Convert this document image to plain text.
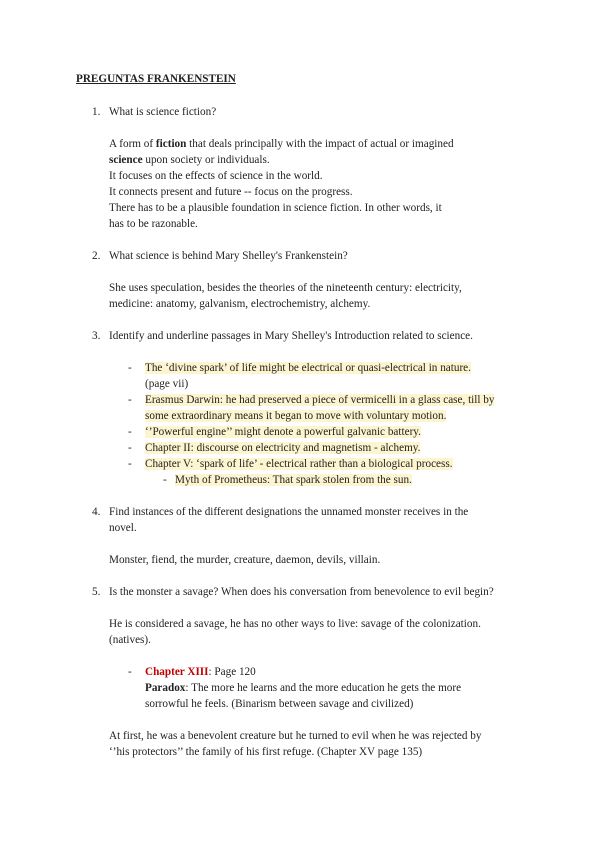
PREGUNTAS FRANKENSTEIN
1. What is science fiction?
A form of fiction that deals principally with the impact of actual or imagined
science upon society or individuals.
It focuses on the effects of science in the world.
It connects present and future -- focus on the progress.
There has to be a plausible foundation in science fiction. In other words, it
has to be razonable.
2. What science is behind Mary Shelley's Frankenstein?
She uses speculation, besides the theories of the nineteenth century: electricity,
medicine: anatomy, galvanism, electrochemistry, alchemy.
3. Identify and underline passages in Mary Shelley's Introduction related to science.
- The ‘divine spark’ of life might be electrical or quasi-electrical in nature.
(page vii)
- Erasmus Darwin: he had preserved a piece of vermicelli in a glass case, till by
some extraordinary means it began to move with voluntary motion.
- ‘’Powerful engine’’ might denote a powerful galvanic battery.
- Chapter II: discourse on electricity and magnetism - alchemy.
- Chapter V: ‘spark of life’ - electrical rather than a biological process.
- Myth of Prometheus: That spark stolen from the sun.
4. Find instances of the different designations the unnamed monster receives in the
novel.
Monster, fiend, the murder, creature, daemon, devils, villain.
5. Is the monster a savage? When does his conversation from benevolence to evil begin?
He is considered a savage, he has no other ways to live: savage of the colonization.
(natives).
- Chapter XIII: Page 120
Paradox: The more he learns and the more education he gets the more
sorrowful he feels. (Binarism between savage and civilized)
At first, he was a benevolent creature but he turned to evil when he was rejected by
‘’his protectors’’ the family of his first refuge. (Chapter XV page 135)
